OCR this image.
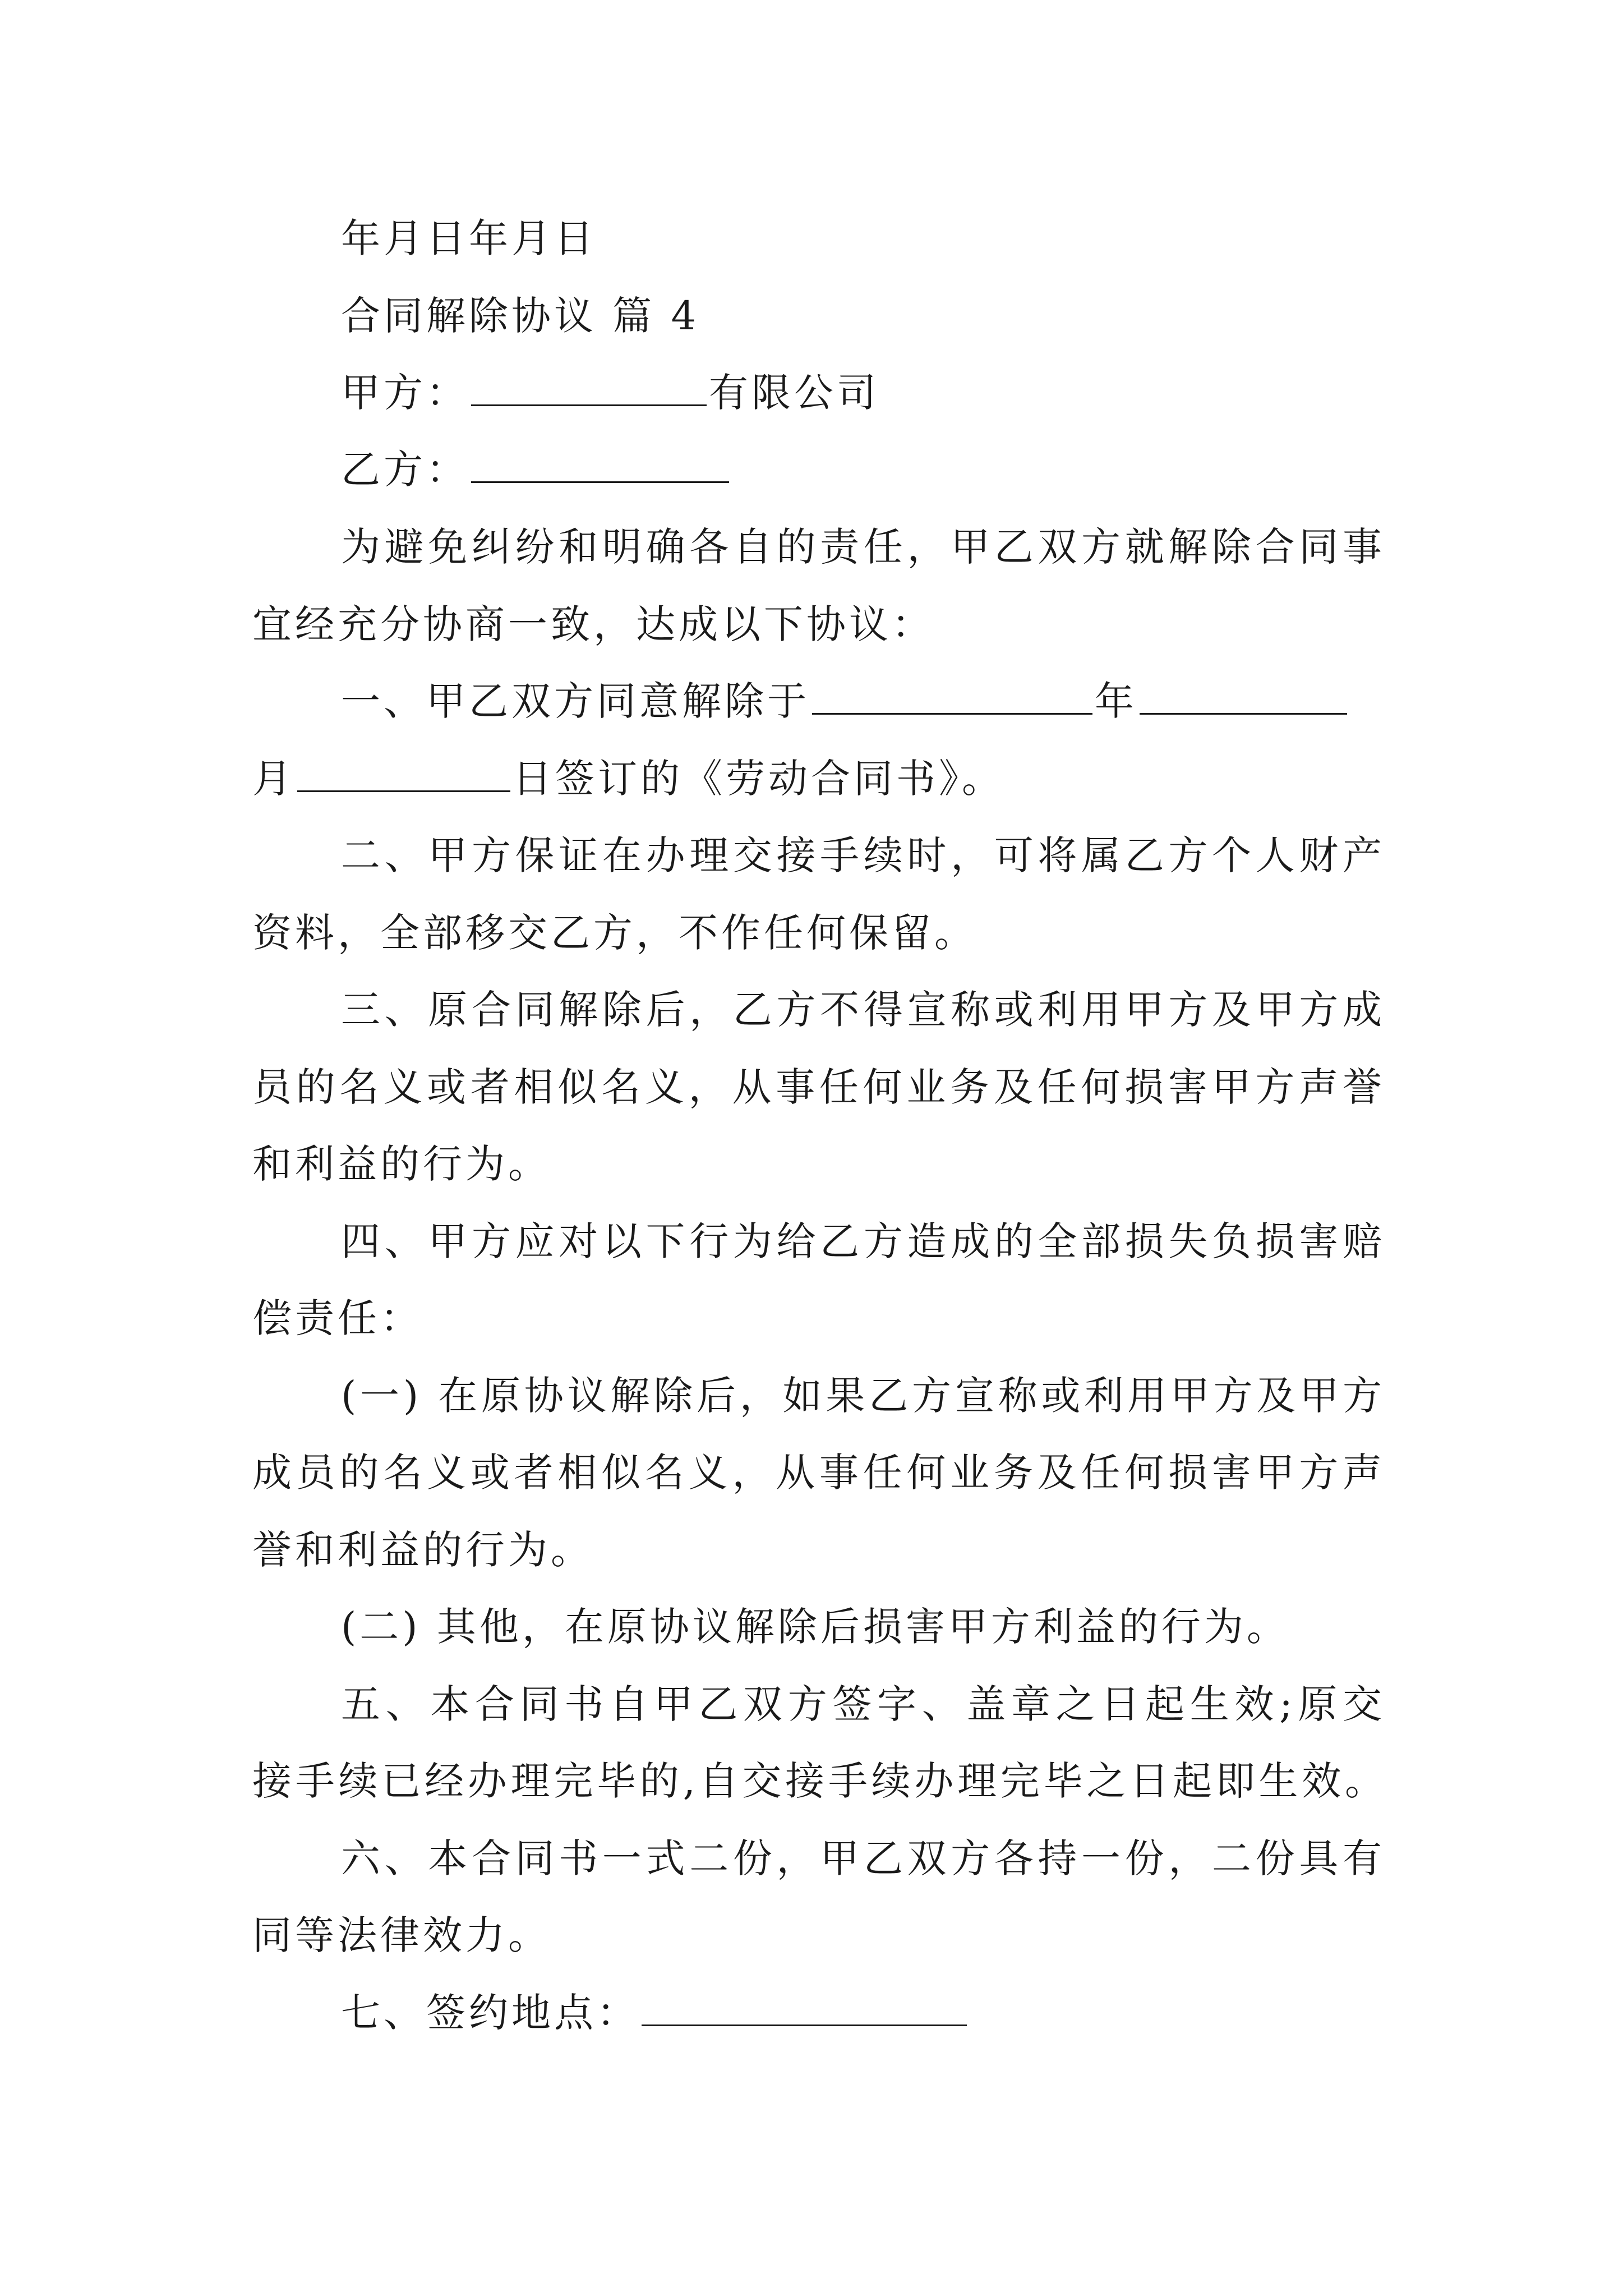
年月日年月日
合同解除协议 篇 4
甲方：	有限公司
乙方：
为避免纠纷和明确各自的责任，甲乙双方就解除合同事
宜经充分协商一致，达成以下协议：
一、甲乙双方同意解除于	年
月	日签订的《劳动合同书》。
二、甲方保证在办理交接手续时，可将属乙方个人财产
资料，全部移交乙方，不作任何保留。
三、原合同解除后，乙方不得宣称或利用甲方及甲方成
员的名义或者相似名义，从事任何业务及任何损害甲方声誉
和利益的行为。
四、甲方应对以下行为给乙方造成的全部损失负损害赔
偿责任：
(一) 在原协议解除后，如果乙方宣称或利用甲方及甲方
成员的名义或者相似名义，从事任何业务及任何损害甲方声
誉和利益的行为。
(二) 其他，在原协议解除后损害甲方利益的行为。
五、本合同书自甲乙双方签字、盖章之日起生效;原交
接手续已经办理完毕的,自交接手续办理完毕之日起即生效。
六、本合同书一式二份，甲乙双方各持一份，二份具有
同等法律效力。
七、签约地点：
